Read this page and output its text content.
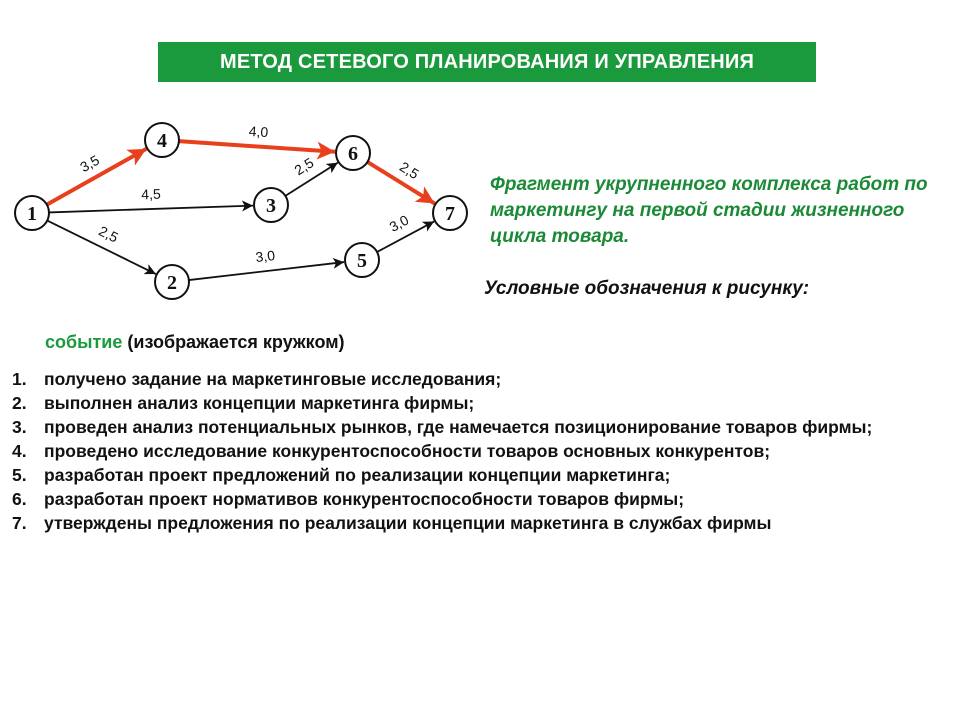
МЕТОД СЕТЕВОГО ПЛАНИРОВАНИЯ И УПРАВЛЕНИЯ
3,5
4,5
2,5
4,0
2,5	2,5
3,0
3,0
1
2
3
4
5
6
7
Фрагмент укрупненного комплекса работ по маркетингу на первой стадии жизненного цикла товара.
Условные обозначения к рисунку:
событие (изображается кружком)
1. получено задание на маркетинговые исследования;
2. выполнен анализ концепции маркетинга фирмы;
3. проведен анализ потенциальных рынков, где намечается позиционирование товаров фирмы;
4. проведено исследование конкурентоспособности товаров основных конкурентов;
5. разработан проект предложений по реализации концепции маркетинга;
6. разработан проект нормативов конкурентоспособности товаров фирмы;
7. утверждены предложения по реализации концепции маркетинга в службах фирмы
